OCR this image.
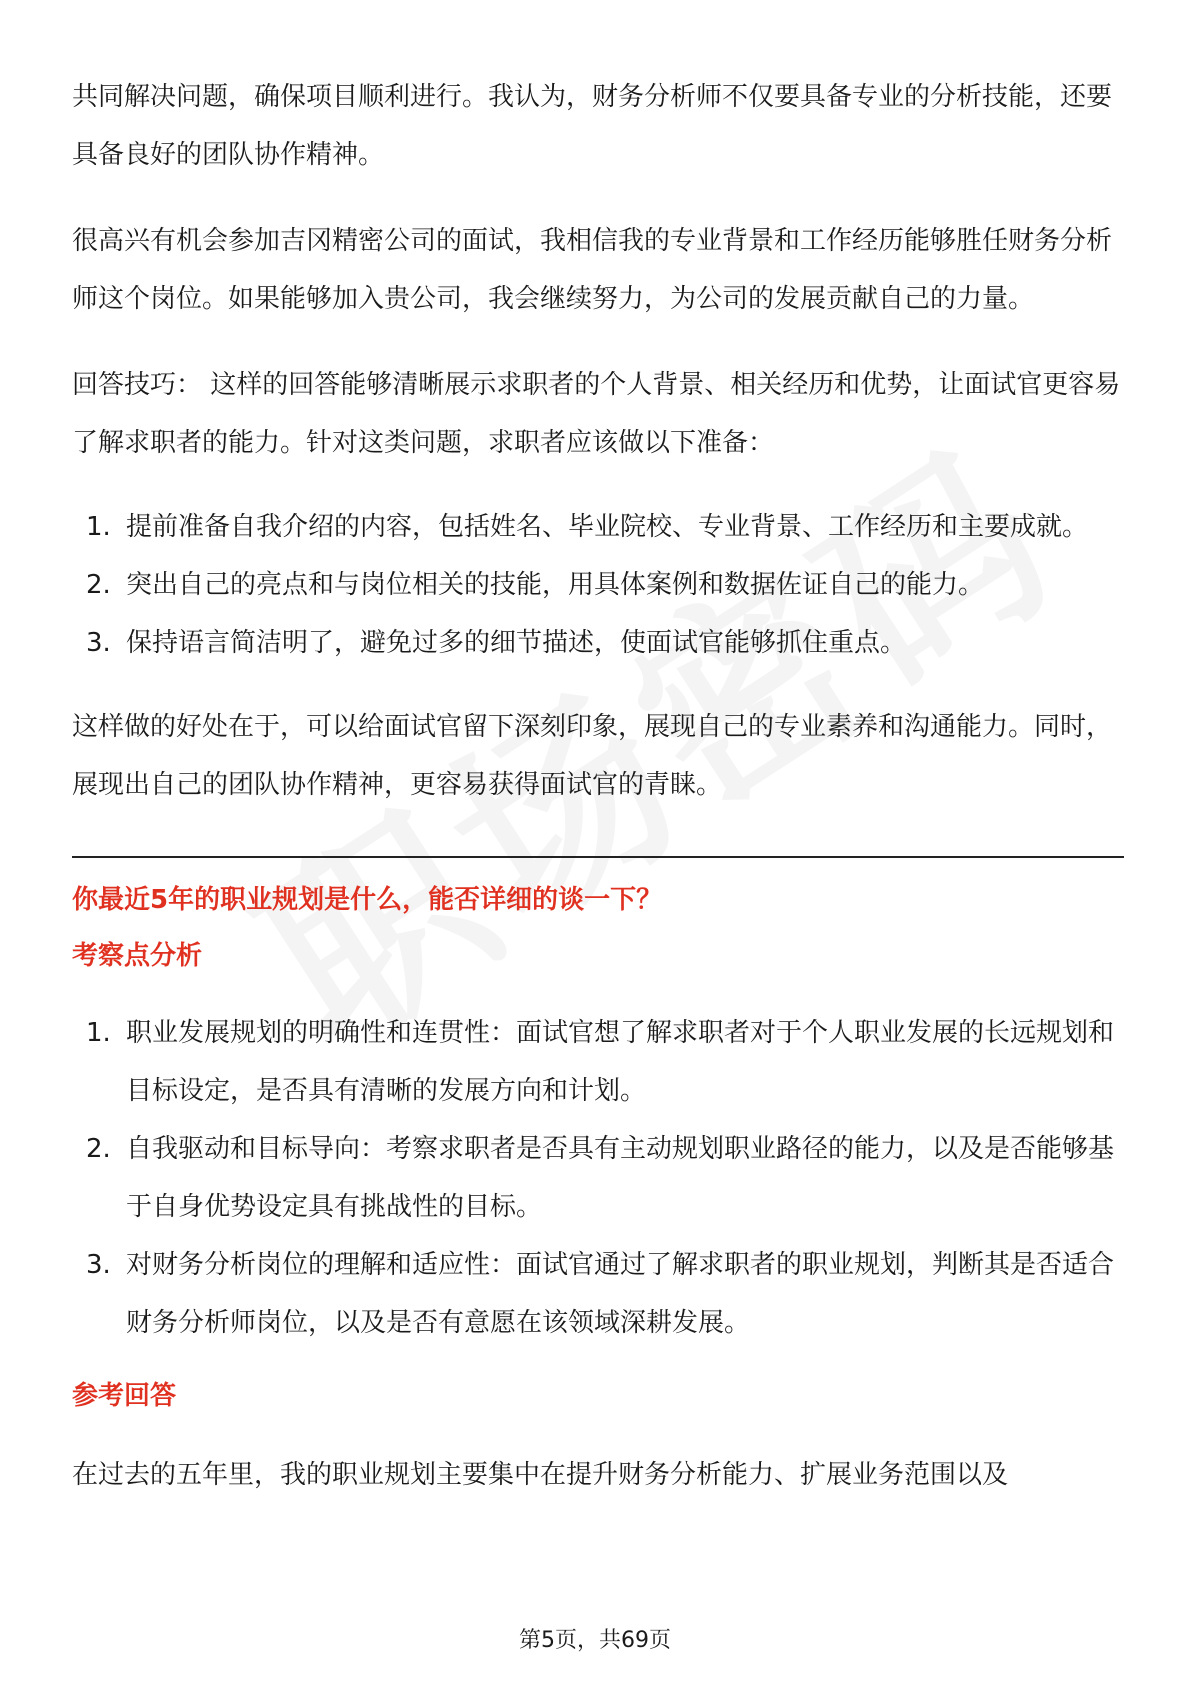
共同解决问题，确保项目顺利进行。我认为，财务分析师不仅要具备专业的分析技能，还要具备良好的团队协作精神。

很高兴有机会参加吉冈精密公司的面试，我相信我的专业背景和工作经历能够胜任财务分析师这个岗位。如果能够加入贵公司，我会继续努力，为公司的发展贡献自己的力量。

回答技巧： 这样的回答能够清晰展示求职者的个人背景、相关经历和优势，让面试官更容易了解求职者的能力。针对这类问题，求职者应该做以下准备：

1. 提前准备自我介绍的内容，包括姓名、毕业院校、专业背景、工作经历和主要成就。
2. 突出自己的亮点和与岗位相关的技能，用具体案例和数据佐证自己的能力。
3. 保持语言简洁明了，避免过多的细节描述，使面试官能够抓住重点。

这样做的好处在于，可以给面试官留下深刻印象，展现自己的专业素养和沟通能力。同时，展现出自己的团队协作精神，更容易获得面试官的青睐。

你最近5年的职业规划是什么，能否详细的谈一下？

考察点分析

1. 职业发展规划的明确性和连贯性：面试官想了解求职者对于个人职业发展的长远规划和目标设定，是否具有清晰的发展方向和计划。
2. 自我驱动和目标导向：考察求职者是否具有主动规划职业路径的能力，以及是否能够基于自身优势设定具有挑战性的目标。
3. 对财务分析岗位的理解和适应性：面试官通过了解求职者的职业规划，判断其是否适合财务分析师岗位，以及是否有意愿在该领域深耕发展。

参考回答

在过去的五年里，我的职业规划主要集中在提升财务分析能力、扩展业务范围以及

第5页，共69页
